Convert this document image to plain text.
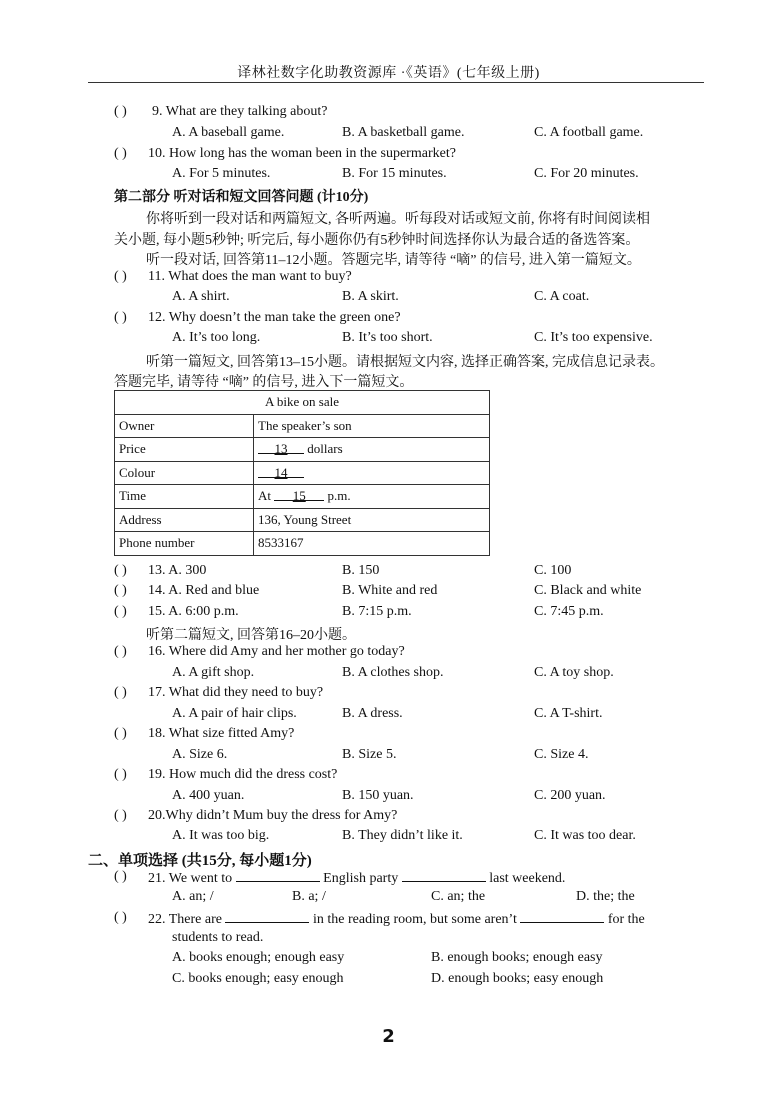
译林社数字化助教资源库 ·《英语》(七年级上册)
( ) 9. What are they talking about?
A. A baseball game.	B. A basketball game.	C. A football game.
( ) 10. How long has the woman been in the supermarket?
A. For 5 minutes.	B. For 15 minutes.	C. For 20 minutes.
第二部分 听对话和短文回答问题 (计10分)
你将听到一段对话和两篇短文, 各听两遍。听每段对话或短文前, 你将有时间阅读相
关小题, 每小题5秒钟; 听完后, 每小题你仍有5秒钟时间选择你认为最合适的备选答案。
听一段对话, 回答第11–12小题。答题完毕, 请等待 “嘀” 的信号, 进入第一篇短文。
( ) 11. What does the man want to buy?
A. A shirt.	B. A skirt.	C. A coat.
( ) 12. Why doesn’t the man take the green one?
A. It’s too long.	B. It’s too short.	C. It’s too expensive.
听第一篇短文, 回答第13–15小题。请根据短文内容, 选择正确答案, 完成信息记录表。
答题完毕, 请等待 “嘀” 的信号, 进入下一篇短文。
A bike on sale	
Owner	The speaker’s son
Price	13 dollars
Colour	14
Time	At 15 p.m.
Address	136, Young Street
Phone number	8533167
( ) 13. A. 300	B. 150	C. 100
( ) 14. A. Red and blue	B. White and red	C. Black and white
( ) 15. A. 6:00 p.m.	B. 7:15 p.m.	C. 7:45 p.m.
听第二篇短文, 回答第16–20小题。
( ) 16. Where did Amy and her mother go today?
A. A gift shop.	B. A clothes shop.	C. A toy shop.
( ) 17. What did they need to buy?
A. A pair of hair clips.	B. A dress.	C. A T-shirt.
( ) 18. What size fitted Amy?
A. Size 6.	B. Size 5.	C. Size 4.
( ) 19. How much did the dress cost?
A. 400 yuan.	B. 150 yuan.	C. 200 yuan.
( ) 20.Why didn’t Mum buy the dress for Amy?
A. It was too big.	B. They didn’t like it.	C. It was too dear.
二、单项选择 (共15分, 每小题1分)
( ) 21. We went to	English party	last weekend.
A. an; /	B. a; /	C. an; the	D. the; the
( ) 22. There are	in the reading room, but some aren’t	for the
students to read.
A. books enough; enough easy	B. enough books; enough easy
C. books enough; easy enough	D. enough books; easy enough
2
